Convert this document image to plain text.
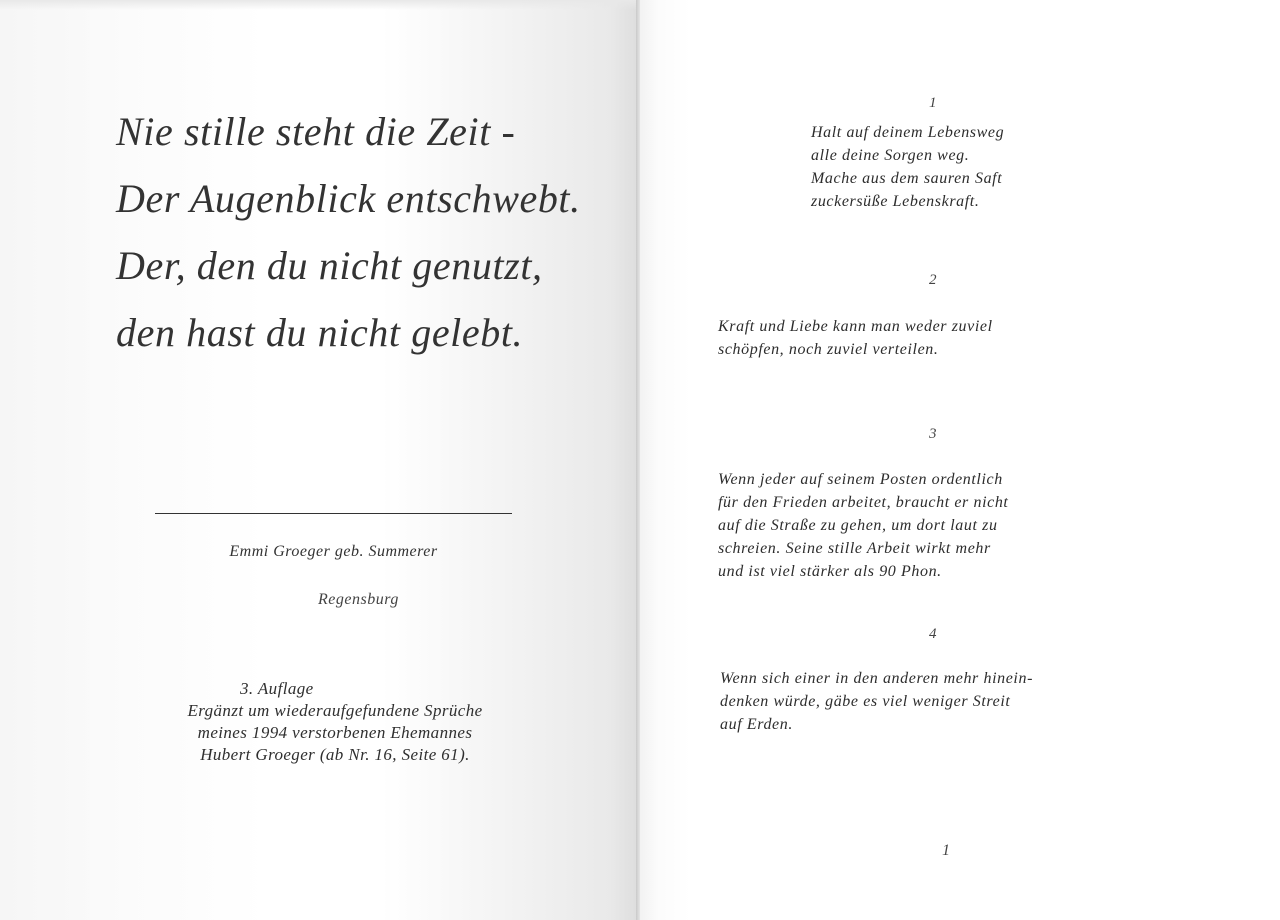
Nie stille steht die Zeit -
Der Augenblick entschwebt.
Der, den du nicht genutzt,
den hast du nicht gelebt.
Emmi Groeger geb. Summerer
Regensburg
3. Auflage
Ergänzt um wiederaufgefundene Sprüche
meines 1994 verstorbenen Ehemannes
Hubert Groeger (ab Nr. 16, Seite 61).
1
Halt auf deinem Lebensweg
alle deine Sorgen weg.
Mache aus dem sauren Saft
zuckersüße Lebenskraft.
2
Kraft und Liebe kann man weder zuviel
schöpfen, noch zuviel verteilen.
3
Wenn jeder auf seinem Posten ordentlich
für den Frieden arbeitet, braucht er nicht
auf die Straße zu gehen, um dort laut zu
schreien. Seine stille Arbeit wirkt mehr
und ist viel stärker als 90 Phon.
4
Wenn sich einer in den anderen mehr hinein-
denken würde, gäbe es viel weniger Streit
auf Erden.
1
